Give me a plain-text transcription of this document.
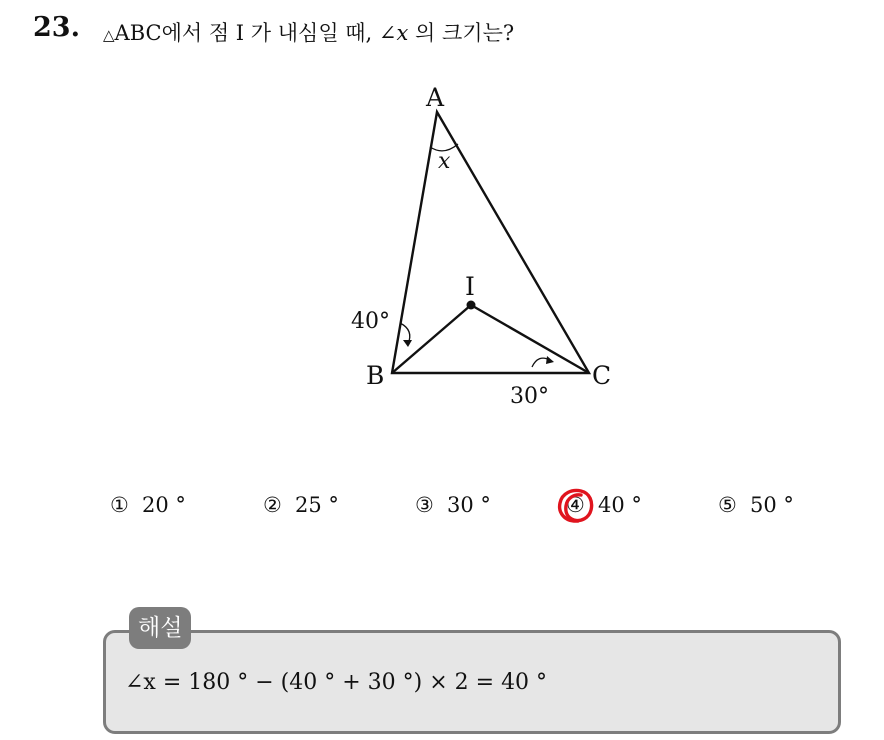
23. △ABC에서 점 I 가 내심일 때, ∠x 의 크기는?
A
B	C
I
x
40°
30°
① 20 °	② 25 °	③ 30 °	④ 40 °	⑤ 50 °
해설
∠x = 180 ° − (40 ° + 30 °) × 2 = 40 °
